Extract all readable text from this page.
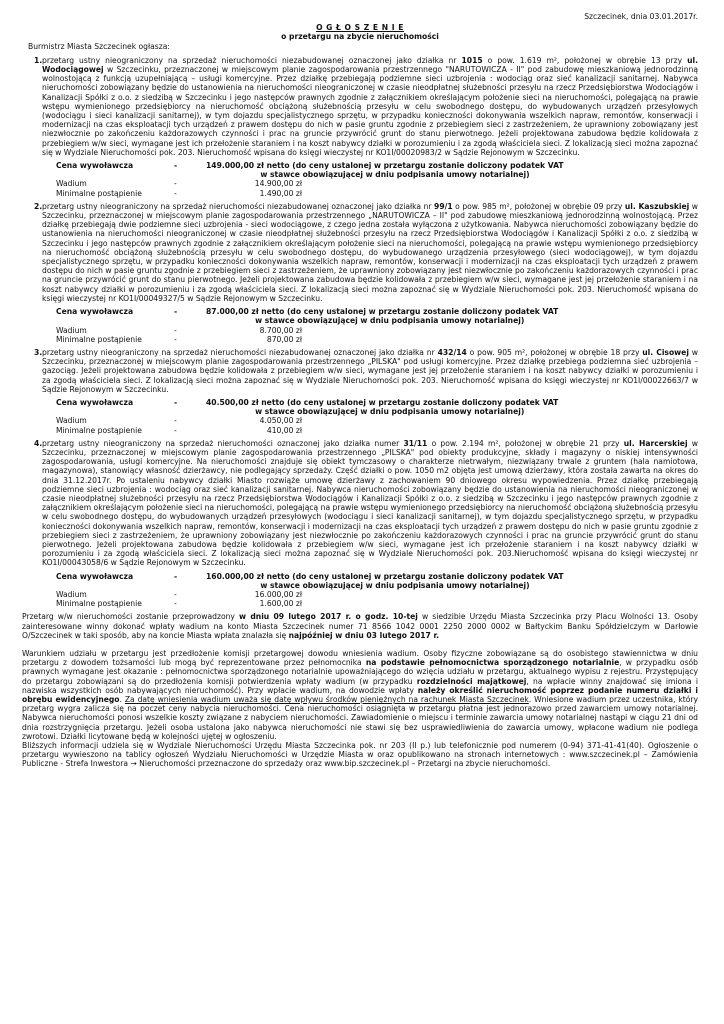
Szczecinek, dnia 03.01.2017r.
O G Ł O S Z E N I E
o przetargu na zbycie nieruchomości
Burmistrz Miasta Szczecinek ogłasza:
1. przetarg ustny nieograniczony na sprzedaż nieruchomości niezabudowanej oznaczonej jako działka nr 1015 o pow. 1.619 m², położonej w obrębie 13 przy ul. Wodociągowej w Szczecinku, przeznaczonej w miejscowym planie zagospodarowania przestrzennego "NARUTOWICZA - II" pod zabudowę mieszkaniową jednorodzinną wolnostojącą z funkcją uzupełniającą – usługi komercyjne. Przez działkę przebiegają podziemne sieci uzbrojenia : wodociąg oraz sieć kanalizacji sanitarnej. Nabywca nieruchomości zobowiązany będzie do ustanowienia na nieruchomości nieograniczonej w czasie nieodpłatnej służebności przesyłu na rzecz Przedsiębiorstwa Wodociągów i Kanalizacji Spółki z o.o. z siedzibą w Szczecinku i jego następców prawnych zgodnie z załącznikiem określającym położenie sieci na nieruchomości, polegającą na prawie wstępu wymienionego przedsiębiorcy na nieruchomość obciążoną służebnością przesyłu w celu swobodnego dostępu, do wybudowanych urządzeń przesyłowych (wodociągu i sieci kanalizacji sanitarnej), w tym dojazdu specjalistycznego sprzętu, w przypadku konieczności dokonywania wszelkich napraw, remontów, konserwacji i modernizacji na czas eksploatacji tych urządzeń z prawem dostępu do nich w pasie gruntu zgodnie z przebiegiem sieci z zastrzeżeniem, że uprawniony zobowiązany jest niezwłocznie po zakończeniu każdorazowych czynności i prac na gruncie przywrócić grunt do stanu pierwotnego. Jeżeli projektowana zabudowa będzie kolidowała z przebiegiem w/w sieci, wymagane jest ich przełożenie staraniem i na koszt nabywcy działki w porozumieniu i za zgodą właściciela sieci. Z lokalizacją sieci można zapoznać się w Wydziale Nieruchomości pok. 203. Nieruchomość wpisana do księgi wieczystej nr KO1I/00020983/2 w Sądzie Rejonowym w Szczecinku.
Cena wywoławcza	-	149.000,00 zł netto (do ceny ustalonej w przetargu zostanie doliczony podatek VAT
w stawce obowiązującej w dniu podpisania umowy notarialnej)

Wadium	-	14.900,00 zł
Minimalne postąpienie	-	1.490,00 zł
2. przetarg ustny nieograniczony na sprzedaż nieruchomości niezabudowanej oznaczonej jako działka nr 99/1 o pow. 985 m², położonej w obrębie 09 przy ul. Kaszubskiej w Szczecinku, przeznaczonej w miejscowym planie zagospodarowania przestrzennego „NARUTOWICZA – II" pod zabudowę mieszkaniową jednorodzinną wolnostojącą. Przez działkę przebiegają dwie podziemne sieci uzbrojenia - sieci wodociągowe, z czego jedna została wyłączona z użytkowania. Nabywca nieruchomości zobowiązany będzie do ustanowienia na nieruchomości nieograniczonej w czasie nieodpłatnej służebności przesyłu na rzecz Przedsiębiorstwa Wodociągów i Kanalizacji Spółki z o.o. z siedzibą w Szczecinku i jego następców prawnych zgodnie z załącznikiem określającym położenie sieci na nieruchomości, polegającą na prawie wstępu wymienionego przedsiębiorcy na nieruchomość obciążoną służebnością przesyłu w celu swobodnego dostępu, do wybudowanego urządzenia przesyłowego (sieci wodociągowej), w tym dojazdu specjalistycznego sprzętu, w przypadku konieczności dokonywania wszelkich napraw, remontów, konserwacji i modernizacji na czas eksploatacji tych urządzeń z prawem dostępu do nich w pasie gruntu zgodnie z przebiegiem sieci z zastrzeżeniem, że uprawniony zobowiązany jest niezwłocznie po zakończeniu każdorazowych czynności i prac na gruncie przywrócić grunt do stanu pierwotnego. Jeżeli projektowana zabudowa będzie kolidowała z przebiegiem w/w sieci, wymagane jest jej przełożenie staraniem i na koszt nabywcy działki w porozumieniu i za zgodą właściciela sieci. Z lokalizacją sieci można zapoznać się w Wydziale Nieruchomości pok. 203. Nieruchomość wpisana do księgi wieczystej nr KO1I/00049327/5 w Sądzie Rejonowym w Szczecinku.
Cena wywoławcza	-	87.000,00 zł netto (do ceny ustalonej w przetargu zostanie doliczony podatek VAT
w stawce obowiązującej w dniu podpisania umowy notarialnej)

Wadium	-	8.700,00 zł
Minimalne postąpienie	-	870,00 zł
3. przetarg ustny nieograniczony na sprzedaż nieruchomości niezabudowanej oznaczonej jako działka nr 432/14 o pow. 905 m², położonej w obrębie 18 przy ul. Cisowej w Szczecinku, przeznaczonej w miejscowym planie zagospodarowania przestrzennego „PILSKA" pod usługi komercyjne. Przez działkę przebiega podziemna sieć uzbrojenia – gazociąg. Jeżeli projektowana zabudowa będzie kolidowała z przebiegiem w/w sieci, wymagane jest jej przełożenie staraniem i na koszt nabywcy działki w porozumieniu i za zgodą właściciela sieci. Z lokalizacją sieci można zapoznać się w Wydziale Nieruchomości pok. 203. Nieruchomość wpisana do księgi wieczystej nr KO1I/00022663/7 w Sądzie Rejonowym w Szczecinku.
Cena wywoławcza	-	40.500,00 zł netto (do ceny ustalonej w przetargu zostanie doliczony podatek VAT
w stawce obowiązującej w dniu podpisania umowy notarialnej)

Wadium	-	4.050,00 zł
Minimalne postąpienie	-	410,00 zł
4. przetarg ustny nieograniczony na sprzedaż nieruchomości oznaczonej jako działka numer 31/11 o pow. 2.194 m², położonej w obrębie 21 przy ul. Harcerskiej w Szczecinku, przeznaczonej w miejscowym planie zagospodarowania przestrzennego „PILSKA" pod obiekty produkcyjne, składy i magazyny o niskiej intensywności zagospodarowania, usługi komercyjne. Na nieruchomości znajduje się obiekt tymczasowy o charakterze nietrwałym, niezwiązany trwale z gruntem (hala namiotowa, magazynowa), stanowiący własność dzierżawcy, nie podlegający sprzedaży. Część działki o pow. 1050 m2 objęta jest umową dzierżawy, która została zawarta na okres do dnia 31.12.2017r. Po ustaleniu nabywcy działki Miasto rozwiąże umowę dzierżawy z zachowaniem 90 dniowego okresu wypowiedzenia. Przez działkę przebiegają podziemne sieci uzbrojenia : wodociąg oraz sieć kanalizacji sanitarnej. Nabywca nieruchomości zobowiązany będzie do ustanowienia na nieruchomości nieograniczonej w czasie nieodpłatnej służebności przesyłu na rzecz Przedsiębiorstwa Wodociągów i Kanalizacji Spółki z o.o. z siedzibą w Szczecinku i jego następców prawnych zgodnie z załącznikiem określającym położenie sieci na nieruchomości, polegającą na prawie wstępu wymienionego przedsiębiorcy na nieruchomość obciążoną służebnością przesyłu w celu swobodnego dostępu, do wybudowanych urządzeń przesyłowych (wodociągu i sieci kanalizacji sanitarnej), w tym dojazdu specjalistycznego sprzętu, w przypadku konieczności dokonywania wszelkich napraw, remontów, konserwacji i modernizacji na czas eksploatacji tych urządzeń z prawem dostępu do nich w pasie gruntu zgodnie z przebiegiem sieci z zastrzeżeniem, że uprawniony zobowiązany jest niezwłocznie po zakończeniu każdorazowych czynności i prac na gruncie przywrócić grunt do stanu pierwotnego. Jeżeli projektowana zabudowa będzie kolidowała z przebiegiem w/w sieci, wymagane jest ich przełożenie staraniem i na koszt nabywcy działki w porozumieniu i za zgodą właściciela sieci. Z lokalizacją sieci można zapoznać się w Wydziale Nieruchomości pok. 203.Nieruchomość wpisana do księgi wieczystej nr KO1I/00043058/6 w Sądzie Rejonowym w Szczecinku.
Cena wywoławcza	-	160.000,00 zł netto (do ceny ustalonej w przetargu zostanie doliczony podatek VAT
w stawce obowiązującej w dniu podpisania umowy notarialnej)

Wadium	-	16.000,00 zł
Minimalne postąpienie	-	1.600,00 zł
Przetarg w/w nieruchomości zostanie przeprowadzony w dniu 09 lutego 2017 r. o godz. 10-tej w siedzibie Urzędu Miasta Szczecinka przy Placu Wolności 13. Osoby zainteresowane winny dokonać wpłaty wadium na konto Miasta Szczecinek numer 71 8566 1042 0001 2250 2000 0002 w Bałtyckim Banku Spółdzielczym w Darłowie O/Szczecinek w taki sposób, aby na koncie Miasta wpłata znalazła się najpóźniej w dniu 03 lutego 2017 r.
Warunkiem udziału w przetargu jest przedłożenie komisji przetargowej dowodu wniesienia wadium. Osoby fizyczne zobowiązane są do osobistego stawiennictwa w dniu przetargu z dowodem tożsamości lub mogą być reprezentowane przez pełnomocnika na podstawie pełnomocnictwa sporządzonego notarialnie, w przypadku osób prawnych wymagane jest okazanie : pełnomocnictwa sporządzonego notarialnie upoważniającego do wzięcia udziału w przetargu, aktualnego wypisu z rejestru. Przystępujący do przetargu zobowiązani są do przedłożenia komisji potwierdzenia wpłaty wadium (w przypadku rozdzielności majątkowej, na wpłacie winny znajdować się imiona i nazwiska wszystkich osób nabywających nieruchomość). Przy wpłacie wadium, na dowodzie wpłaty należy określić nieruchomość poprzez podanie numeru działki i obrębu ewidencyjnego. Za datę wniesienia wadium uważa się datę wpływu środków pieniężnych na rachunek Miasta Szczecinek. Wniesione wadium przez uczestnika, który przetarg wygra zalicza się na poczet ceny nabycia nieruchomości. Cena nieruchomości osiągnięta w przetargu płatna jest jednorazowo przed zawarciem umowy notarialnej. Nabywca nieruchomości ponosi wszelkie koszty związane z nabyciem nieruchomości. Zawiadomienie o miejscu i terminie zawarcia umowy notarialnej nastąpi w ciągu 21 dni od dnia rozstrzygnięcia przetargu. Jeżeli osoba ustalona jako nabywca nieruchomości nie stawi się bez usprawiedliwienia do zawarcia umowy, wpłacone wadium nie podlega zwrotowi. Działki licytowane będą w kolejności ujętej w ogłoszeniu.
Bliższych informacji udziela się w Wydziale Nieruchomości Urzędu Miasta Szczecinka pok. nr 203 (II p.) lub telefonicznie pod numerem (0-94) 371-41-41(40). Ogłoszenie o przetargu wywieszono na tablicy ogłoszeń Wydziału Nieruchomości w Urzędzie Miasta w oraz opublikowano na stronach internetowych : www.szczecinek.pl – Zamówienia Publiczne - Strefa Inwestora → Nieruchomości przeznaczone do sprzedaży oraz www.bip.szczecinek.pl – Przetargi na zbycie nieruchomości.
